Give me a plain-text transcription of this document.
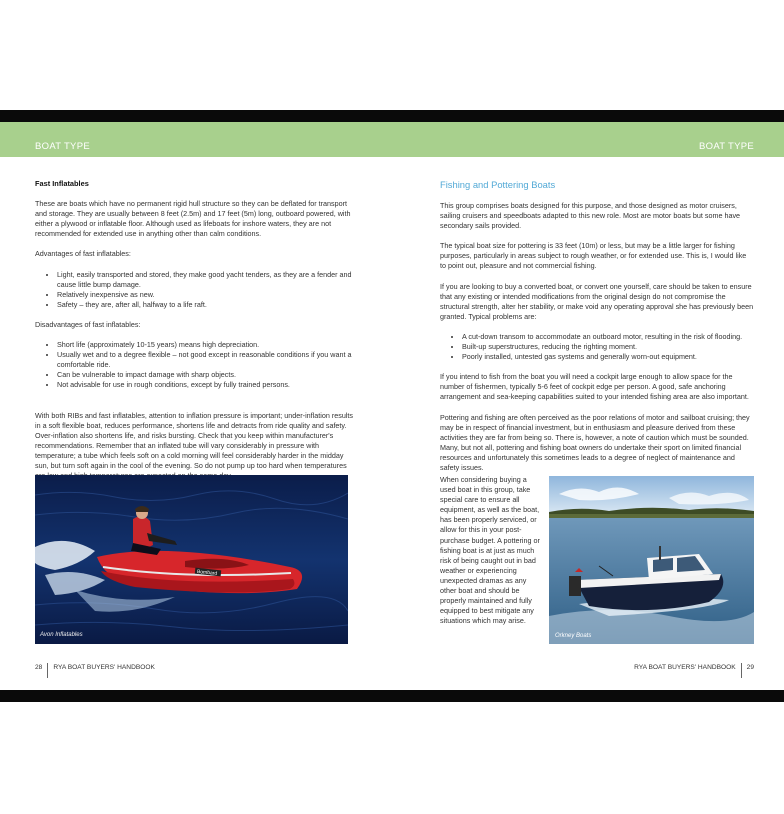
BOAT TYPE	BOAT TYPE

Fast Inflatables

These are boats which have no permanent rigid hull structure so they can be deflated for transport and storage. They are usually between 8 feet (2.5m) and 17 feet (5m) long, outboard powered, with either a plywood or inflatable floor. Although used as lifeboats for inshore waters, they are not recommended for extended use in anything other than calm conditions.

Advantages of fast inflatables:

• Light, easily transported and stored, they make good yacht tenders, as they are a fender and cause little bump damage.
• Relatively inexpensive as new.
• Safety – they are, after all, halfway to a life raft.

Disadvantages of fast inflatables:

• Short life (approximately 10-15 years) means high depreciation.
• Usually wet and to a degree flexible – not good except in reasonable conditions if you want a comfortable ride.
• Can be vulnerable to impact damage with sharp objects.
• Not advisable for use in rough conditions, except by fully trained persons.

With both RIBs and fast inflatables, attention to inflation pressure is important; under-inflation results in a soft flexible boat, reduces performance, shortens life and detracts from ride quality and safety. Over-inflation also shortens life, and risks bursting. Check that you keep within manufacturer's recommendations. Remember that an inflated tube will vary considerably in pressure with temperature; a tube which feels soft on a cold morning will feel considerably harder in the midday sun, but turn soft again in the cool of the evening. So do not pump up too hard when temperatures

Bombard
Avon Inflatables
28 RYA BOAT BUYERS' HANDBOOK

Fishing and Pottering Boats

This group comprises boats designed for this purpose, and those designed as motor cruisers, sailing cruisers and speedboats adapted to this new role. Most are motor boats but some have secondary sails provided.

The typical boat size for pottering is 33 feet (10m) or less, but may be a little larger for fishing purposes, particularly in areas subject to rough weather, or for extended use. This is, I would like to point out, pleasure and not commercial fishing.

If you are looking to buy a converted boat, or convert one yourself, care should be taken to ensure that any existing or intended modifications from the original design do not compromise the structural strength, alter her stability, or make void any operating approval she has previously been granted. Typical problems are:

• A cut-down transom to accommodate an outboard motor, resulting in the risk of flooding.
• Built-up superstructures, reducing the righting moment.
• Poorly installed, untested gas systems and generally worn-out equipment.

If you intend to fish from the boat you will need a cockpit large enough to allow space for the number of fishermen, typically 5-6 feet of cockpit edge per person. A good, safe anchoring arrangement and sea-keeping capabilities suited to your intended fishing area are also important.

Pottering and fishing are often perceived as the poor relations of motor and sailboat cruising; they may be in respect of financial investment, but in enthusiasm and pleasure derived from these activities they are far from being so. There is, however, a note of caution which must be sounded. Many, but not all, pottering and fishing boat owners do undertake their sport on limited financial resources and unfortunately this sometimes leads to a degree of neglect of maintenance and safety issues.

When considering buying a used boat in this group, take special care to ensure all equipment, as well as the boat, has been properly serviced, or allow for this in your post-purchase budget. A pottering or fishing boat is at just as much risk of being caught out in bad weather or experiencing unexpected dramas as any other boat and should be properly maintained and fully equipped to best mitigate any situations which may arise.
Orkney Boats
RYA BOAT BUYERS' HANDBOOK 29
